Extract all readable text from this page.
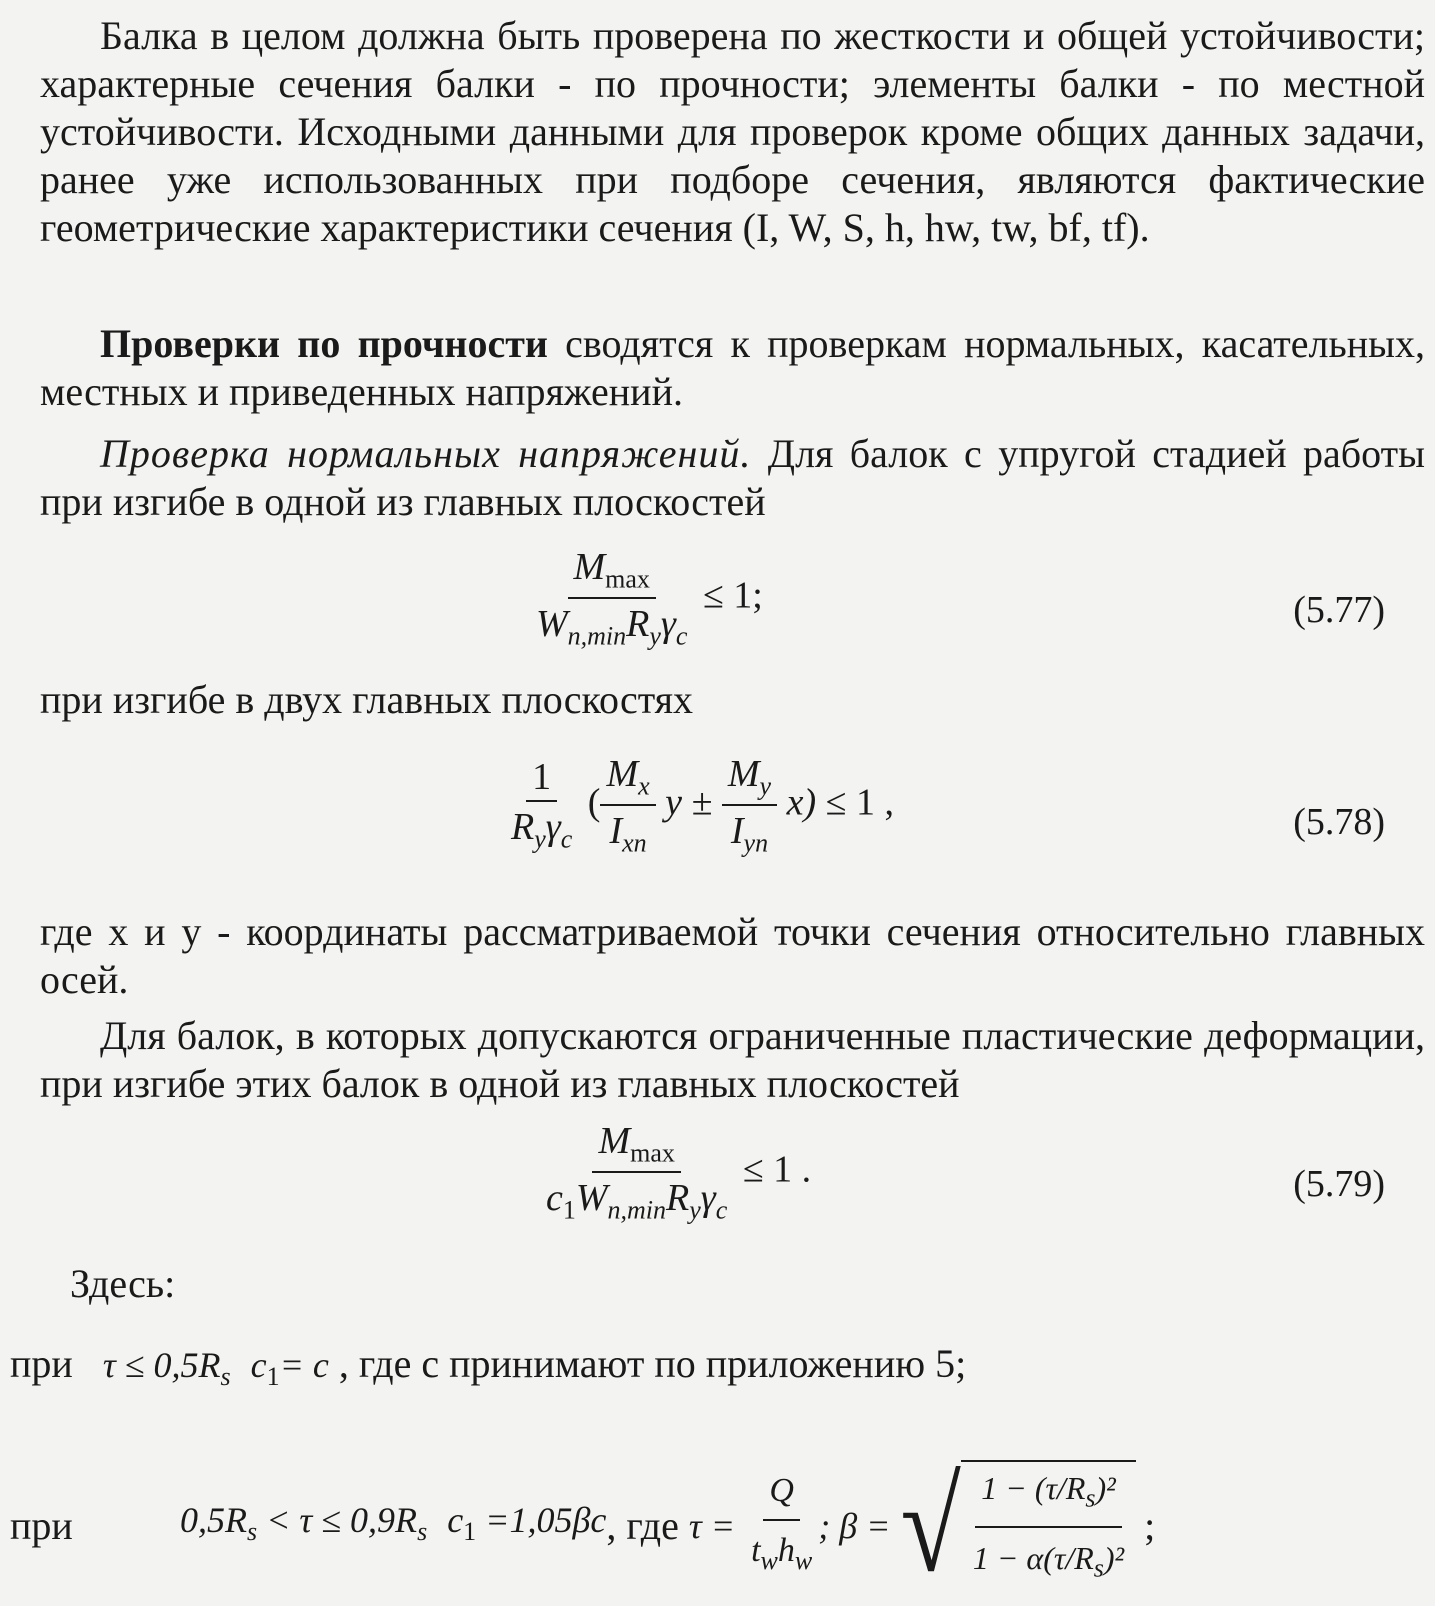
Балка в целом должна быть проверена по жесткости и общей устойчивости; характерные сечения балки - по прочности; элементы балки - по местной устойчивости. Исходными данными для проверок кроме общих данных задачи, ранее уже использованных при подборе сечения, являются фактические геометрические характеристики сечения (I, W, S, h, hw, tw, bf, tf).

Проверки по прочности сводятся к проверкам нормальных, касательных, местных и приведенных напряжений.

Проверка нормальных напряжений. Для балок с упругой стадией работы при изгибе в одной из главных плоскостей

$\frac{M_{max}}{W_{n,min}R_y\gamma_c} \le 1$;	(5.77)

при изгибе в двух главных плоскостях

$\frac{1}{R_y\gamma_c}$ ( $\frac{M_x}{I_{xn}}$ $y \pm \frac{M_y}{I_{yn}} x) \le 1$ ,	(5.78)

где x и y - координаты рассматриваемой точки сечения относительно главных осей.

Для балок, в которых допускаются ограниченные пластические деформации, при изгибе этих балок в одной из главных плоскостей

$\frac{M_{max}}{c_1W_{n,min}R_y\gamma_c} \le 1$ .	(5.79)

Здесь:

при $\tau \le 0,5R_s$ $c_1= c$ , где c принимают по приложению 5;
при	$0,5R_s < \tau \le 0,9R_s$
$c_1 =1,05\beta c$ , где
τ =
$\frac{Q}{t_wh_w}$ ; β =
√ $\frac{1 - (\tau/R_s)^2}{1 - \alpha(\tau/R_s)^2}$ ;
